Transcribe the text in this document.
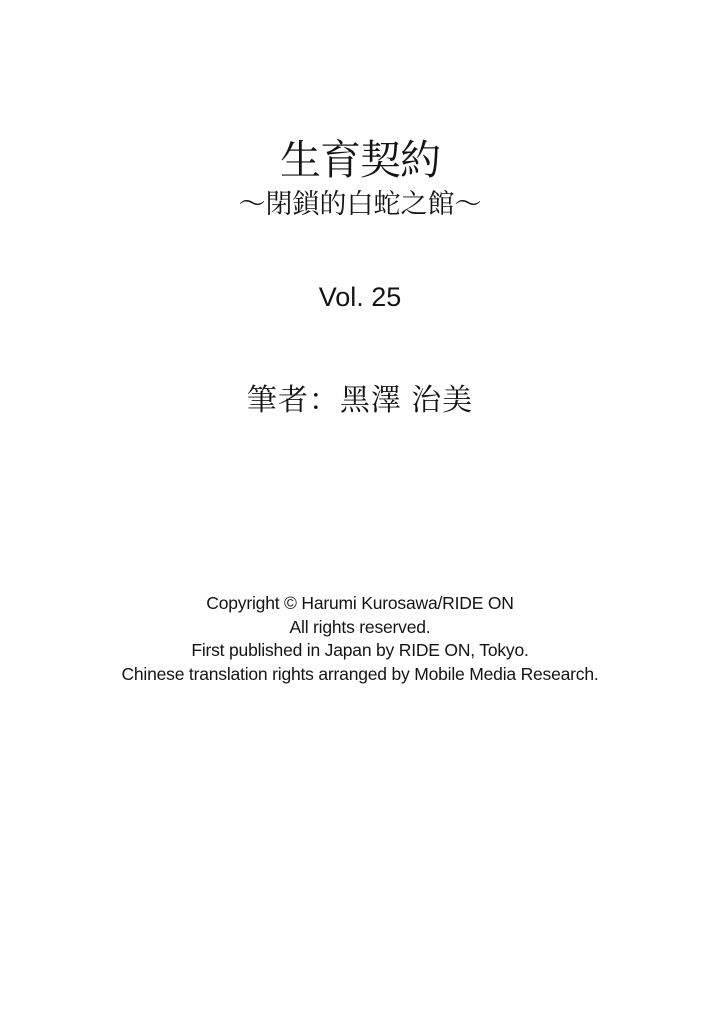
生育契約
～閉鎖的白蛇之館～
Vol. 25
筆者：黑澤 治美
Copyright © Harumi Kurosawa/RIDE ON
All rights reserved.
First published in Japan by RIDE ON, Tokyo.
Chinese translation rights arranged by Mobile Media Research.
